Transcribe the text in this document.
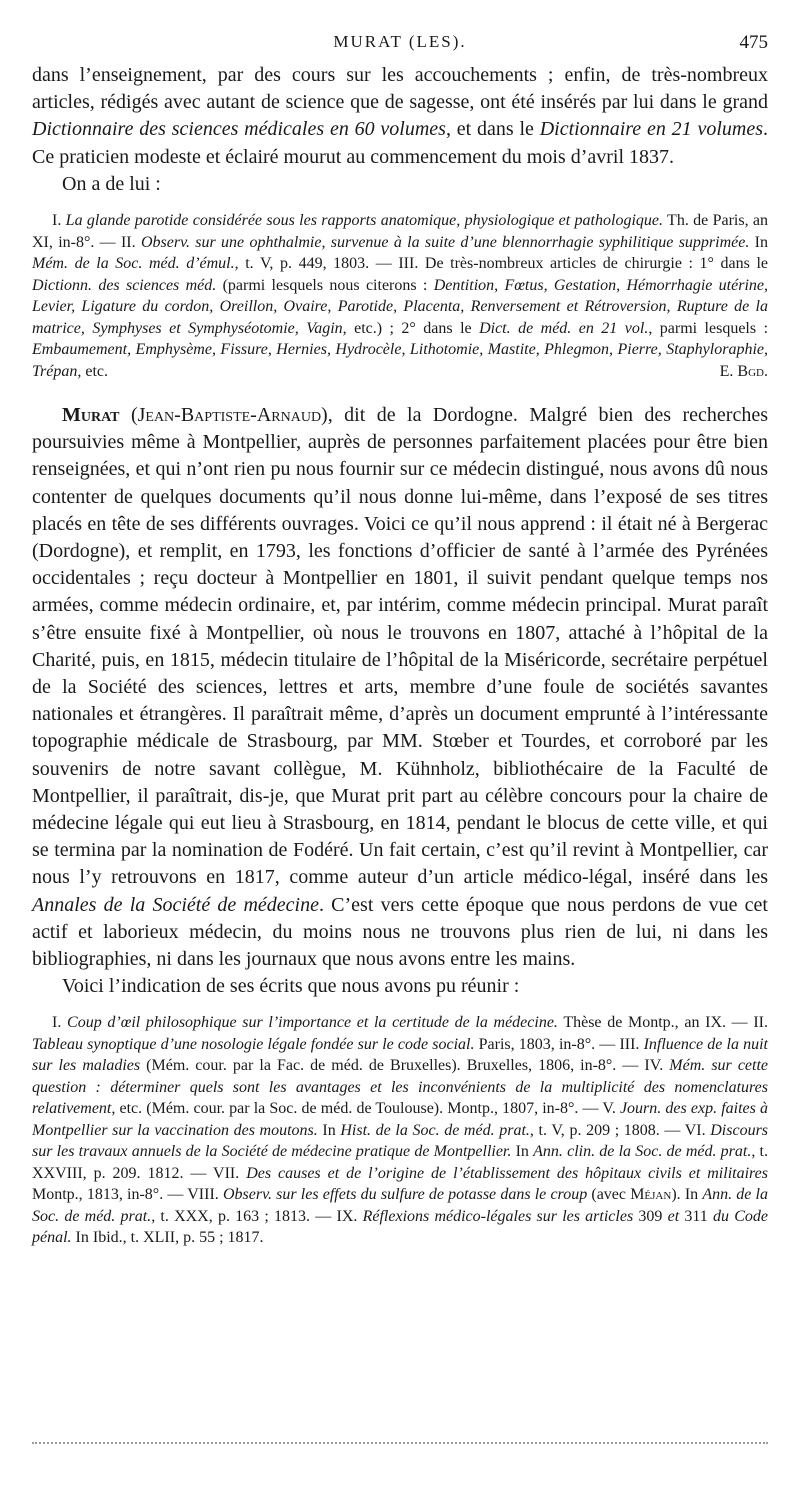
MURAT (LES).	475

dans l’enseignement, par des cours sur les accouchements ; enfin, de très-nombreux articles, rédigés avec autant de science que de sagesse, ont été insérés par lui dans le grand Dictionnaire des sciences médicales en 60 volumes, et dans le Dictionnaire en 21 volumes. Ce praticien modeste et éclairé mourut au commencement du mois d’avril 1837.

On a de lui :

I. La glande parotide considérée sous les rapports anatomique, physiologique et pathologique. Th. de Paris, an XI, in-8°. — II. Observ. sur une ophthalmie, survenue à la suite d’une blennorrhagie syphilitique supprimée. In Mém. de la Soc. méd. d’émul., t. V, p. 449, 1803. — III. De très-nombreux articles de chirurgie : 1° dans le Dictionn. des sciences méd. (parmi lesquels nous citerons : Dentition, Fœtus, Gestation, Hémorrhagie utérine, Levier, Ligature du cordon, Oreillon, Ovaire, Parotide, Placenta, Renversement et Rétroversion, Rupture de la matrice, Symphyses et Symphyséotomie, Vagin, etc.) ; 2° dans le Dict. de méd. en 21 vol., parmi lesquels : Embaumement, Emphysème, Fissure, Hernies, Hydrocèle, Lithotomie, Mastite, Phlegmon, Pierre, Staphyloraphie, Trépan, etc.	E. Bgd.

Murat (Jean-Baptiste-Arnaud), dit de la Dordogne. Malgré bien des recherches poursuivies même à Montpellier, auprès de personnes parfaitement placées pour être bien renseignées, et qui n’ont rien pu nous fournir sur ce médecin distingué, nous avons dû nous contenter de quelques documents qu’il nous donne lui-même, dans l’exposé de ses titres placés en tête de ses différents ouvrages. Voici ce qu’il nous apprend : il était né à Bergerac (Dordogne), et remplit, en 1793, les fonctions d’officier de santé à l’armée des Pyrénées occidentales ; reçu docteur à Montpellier en 1801, il suivit pendant quelque temps nos armées, comme médecin ordinaire, et, par intérim, comme médecin principal. Murat paraît s’être ensuite fixé à Montpellier, où nous le trouvons en 1807, attaché à l’hôpital de la Charité, puis, en 1815, médecin titulaire de l’hôpital de la Miséricorde, secrétaire perpétuel de la Société des sciences, lettres et arts, membre d’une foule de sociétés savantes nationales et étrangères. Il paraîtrait même, d’après un document emprunté à l’intéressante topographie médicale de Strasbourg, par MM. Stœber et Tourdes, et corroboré par les souvenirs de notre savant collègue, M. Kühnholz, bibliothécaire de la Faculté de Montpellier, il paraîtrait, dis-je, que Murat prit part au célèbre concours pour la chaire de médecine légale qui eut lieu à Strasbourg, en 1814, pendant le blocus de cette ville, et qui se termina par la nomination de Fodéré. Un fait certain, c’est qu’il revint à Montpellier, car nous l’y retrouvons en 1817, comme auteur d’un article médico-légal, inséré dans les Annales de la Société de médecine. C’est vers cette époque que nous perdons de vue cet actif et laborieux médecin, du moins nous ne trouvons plus rien de lui, ni dans les bibliographies, ni dans les journaux que nous avons entre les mains.

Voici l’indication de ses écrits que nous avons pu réunir :

I. Coup d’œil philosophique sur l’importance et la certitude de la médecine. Thèse de Montp., an IX. — II. Tableau synoptique d’une nosologie légale fondée sur le code social. Paris, 1803, in-8°. — III. Influence de la nuit sur les maladies (Mém. cour. par la Fac. de méd. de Bruxelles). Bruxelles, 1806, in-8°. — IV. Mém. sur cette question : déterminer quels sont les avantages et les inconvénients de la multiplicité des nomenclatures relativement, etc. (Mém. cour. par la Soc. de méd. de Toulouse). Montp., 1807, in-8°. — V. Journ. des exp. faites à Montpellier sur la vaccination des moutons. In Hist. de la Soc. de méd. prat., t. V, p. 209 ; 1808. — VI. Discours sur les travaux annuels de la Société de médecine pratique de Montpellier. In Ann. clin. de la Soc. de méd. prat., t. XXVIII, p. 209. 1812. — VII. Des causes et de l’origine de l’établissement des hôpitaux civils et militaires Montp., 1813, in-8°. — VIII. Observ. sur les effets du sulfure de potasse dans le croup (avec Méjan). In Ann. de la Soc. de méd. prat., t. XXX, p. 163 ; 1813. — IX. Réflexions médico-légales sur les articles 309 et 311 du Code pénal. In Ibid., t. XLII, p. 55 ; 1817.
